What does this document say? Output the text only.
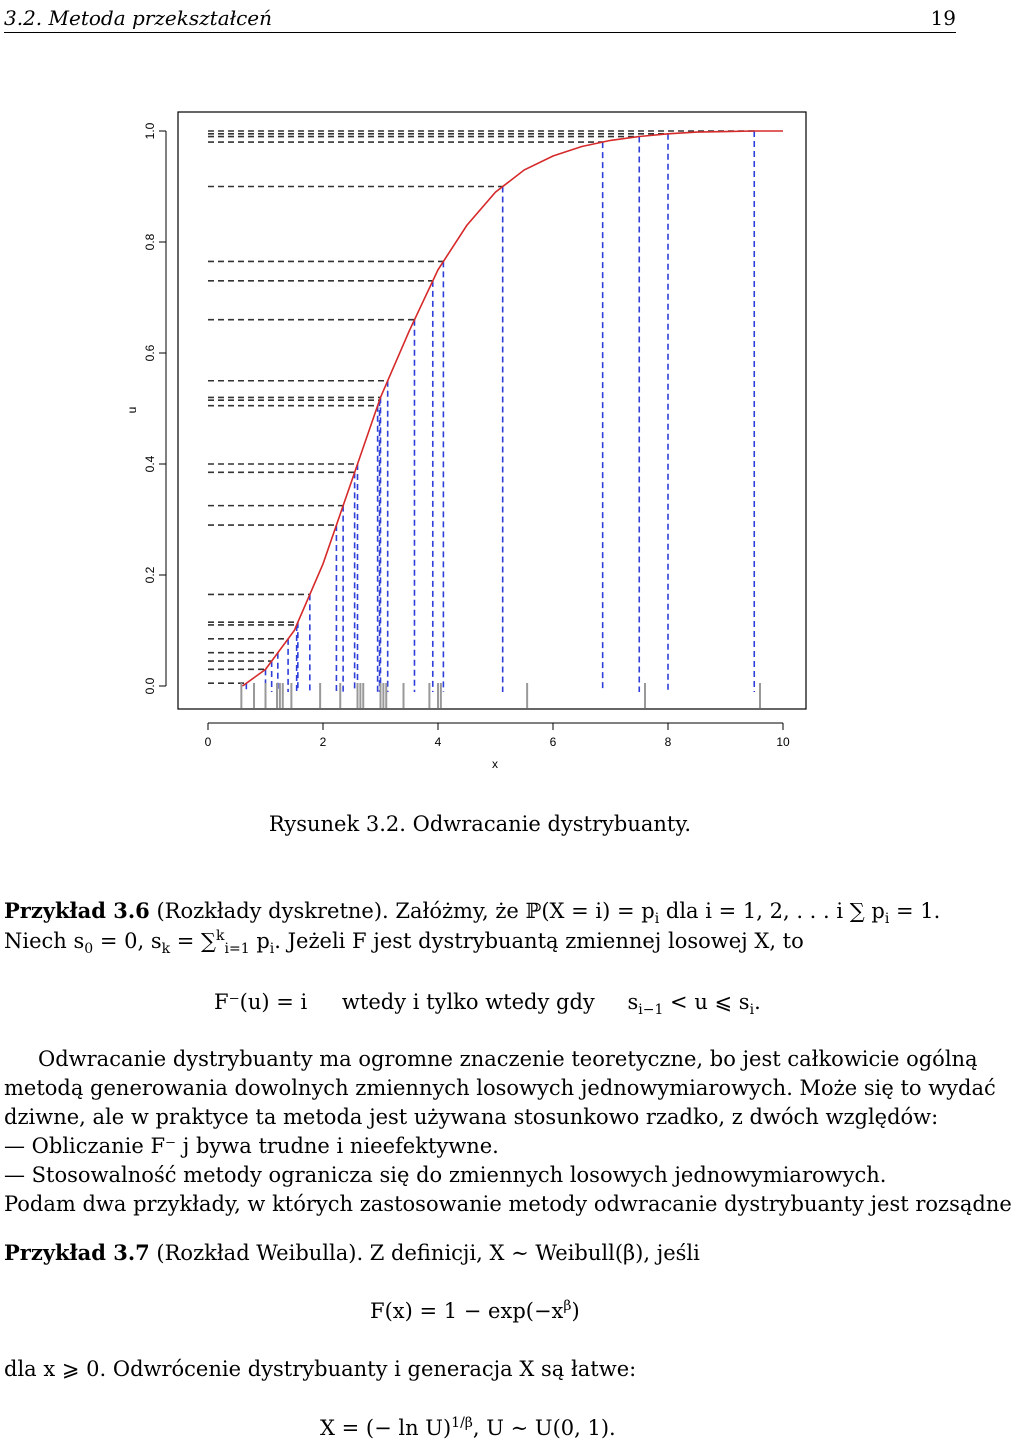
3.2. Metoda przekształceń	19
0	2	4	6	8	10
0.0
0.2
0.4
0.6
0.8
1.0
x
u
Rysunek 3.2. Odwracanie dystrybuanty.
Przykład 3.6 (Rozkłady dyskretne). Załóżmy, że ℙ(X = $i) = p_i$ dla i = 1, 2, . . . i ∑ $p_i = 1$.
Niech $s_0 = 0$, $s_k = \sum^k_{i=1}$ $p_i$. Jeżeli F jest dystrybuantą zmiennej losowej X, to
F⁻(u) = i wtedy i tylko wtedy gdy $s_{i-1} < u$ ⩽ $s_i$.
Odwracanie dystrybuanty ma ogromne znaczenie teoretyczne, bo jest całkowicie ogólną
metodą generowania dowolnych zmiennych losowych jednowymiarowych. Może się to wydać
dziwne, ale w praktyce ta metoda jest używana stosunkowo rzadko, z dwóch względów:
— Obliczanie F⁻ j bywa trudne i nieefektywne.
— Stosowalność metody ogranicza się do zmiennych losowych jednowymiarowych.
Podam dwa przykłady, w których zastosowanie metody odwracanie dystrybuanty jest rozsądne
Przykład 3.7 (Rozkład Weibulla). Z definicji, X ∼ Weibull(β), jeśli
$F(x) = 1 - \exp(-x^\beta)$
dla x ⩾ 0. Odwrócenie dystrybuanty i generacja X są łatwe:
X = (− ln U)$^{1/\beta}$, U ∼ U(0, 1).
